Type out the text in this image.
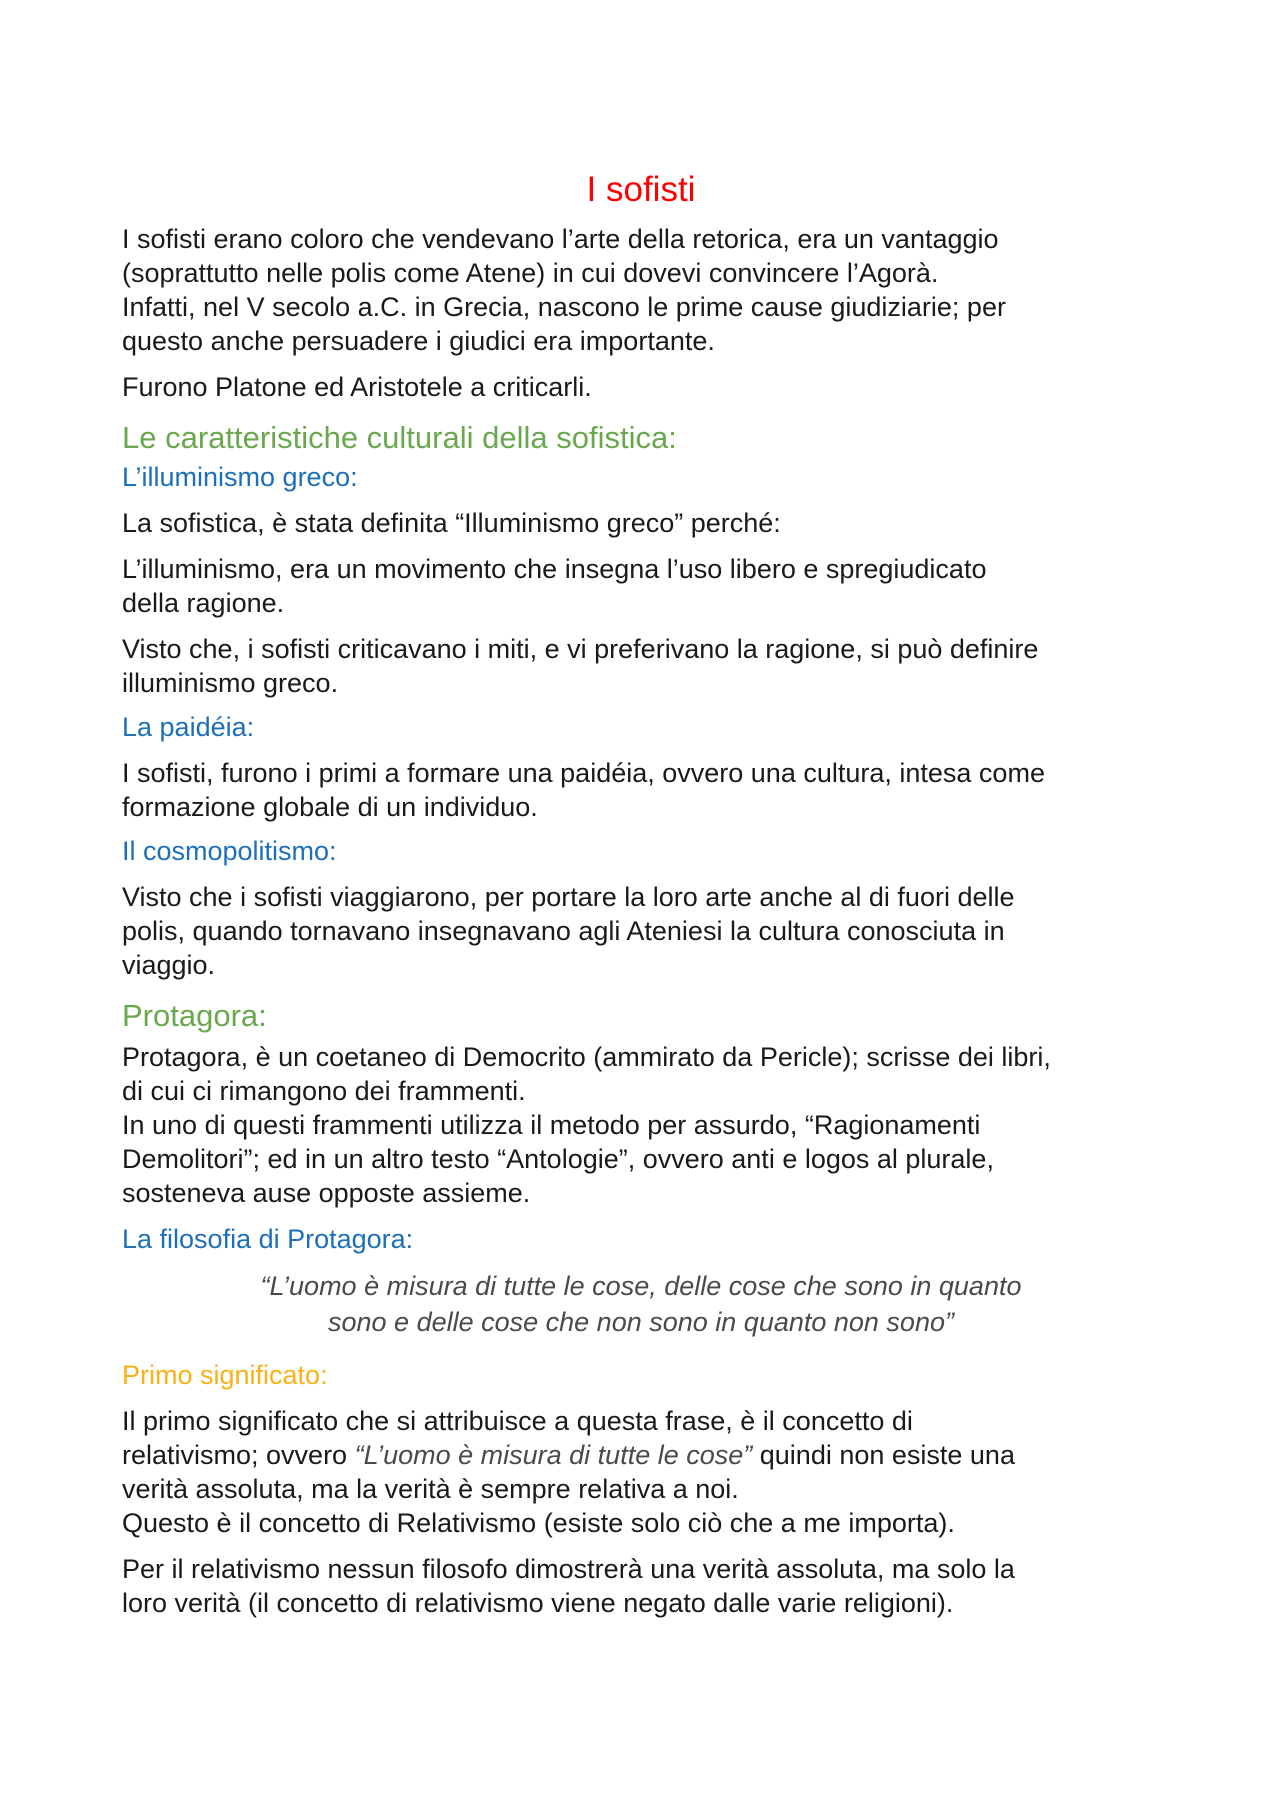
I sofisti

I sofisti erano coloro che vendevano l’arte della retorica, era un vantaggio
(soprattutto nelle polis come Atene) in cui dovevi convincere l’Agorà.
Infatti, nel V secolo a.C. in Grecia, nascono le prime cause giudiziarie; per
questo anche persuadere i giudici era importante.

Furono Platone ed Aristotele a criticarli.

Le caratteristiche culturali della sofistica:
L’illuminismo greco:

La sofistica, è stata definita “Illuminismo greco” perché:

L’illuminismo, era un movimento che insegna l’uso libero e spregiudicato
della ragione.

Visto che, i sofisti criticavano i miti, e vi preferivano la ragione, si può definire
illuminismo greco.

La paidéia:

I sofisti, furono i primi a formare una paidéia, ovvero una cultura, intesa come
formazione globale di un individuo.

Il cosmopolitismo:

Visto che i sofisti viaggiarono, per portare la loro arte anche al di fuori delle
polis, quando tornavano insegnavano agli Ateniesi la cultura conosciuta in
viaggio.

Protagora:

Protagora, è un coetaneo di Democrito (ammirato da Pericle); scrisse dei libri,
di cui ci rimangono dei frammenti.
In uno di questi frammenti utilizza il metodo per assurdo, “Ragionamenti
Demolitori”; ed in un altro testo “Antologie”, ovvero anti e logos al plurale,
sosteneva ause opposte assieme.

La filosofia di Protagora:

“L’uomo è misura di tutte le cose, delle cose che sono in quanto
sono e delle cose che non sono in quanto non sono”

Primo significato:

Il primo significato che si attribuisce a questa frase, è il concetto di
relativismo; ovvero “L’uomo è misura di tutte le cose” quindi non esiste una
verità assoluta, ma la verità è sempre relativa a noi.
Questo è il concetto di Relativismo (esiste solo ciò che a me importa).

Per il relativismo nessun filosofo dimostrerà una verità assoluta, ma solo la
loro verità (il concetto di relativismo viene negato dalle varie religioni).
